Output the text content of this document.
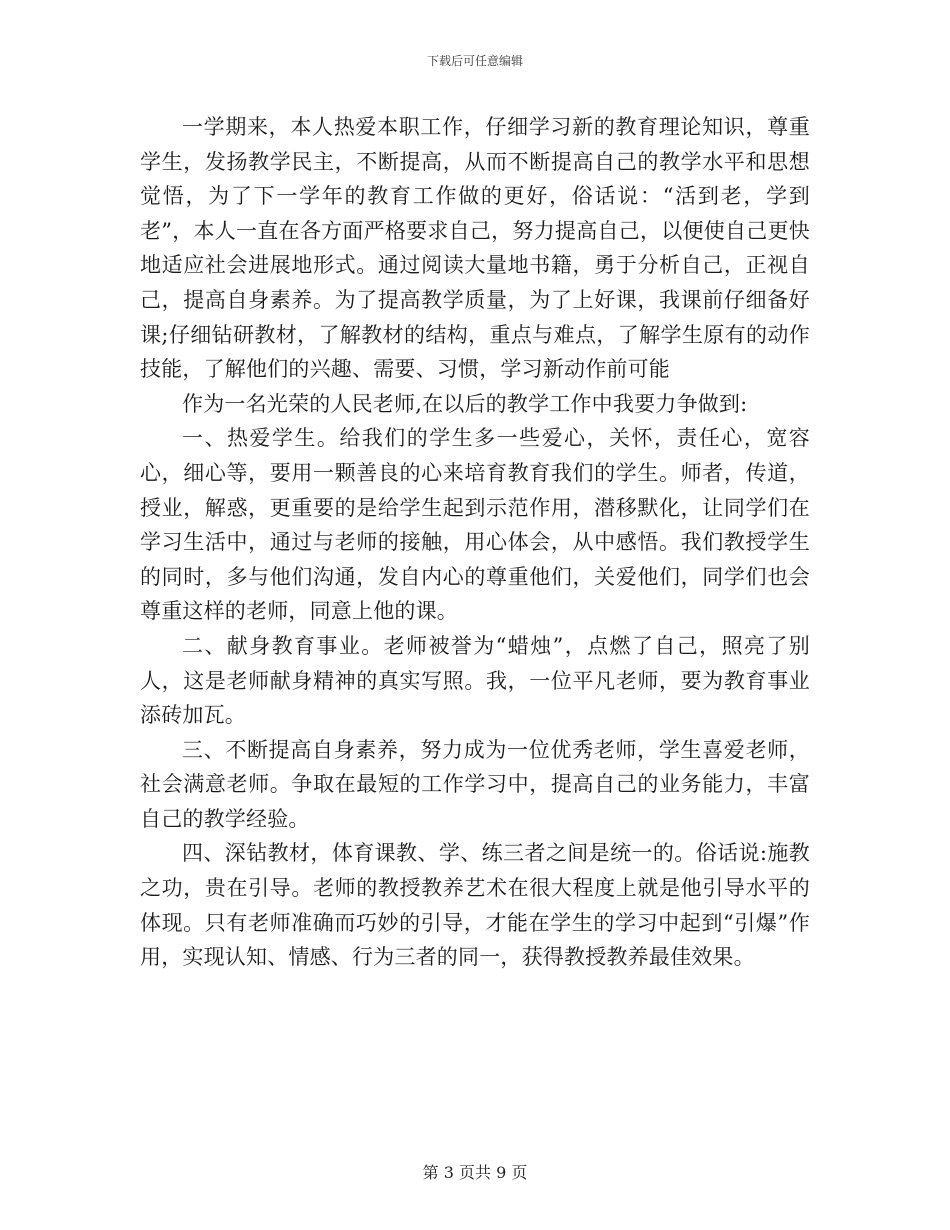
下载后可任意编辑

一学期来，本人热爱本职工作，仔细学习新的教育理论知识，尊重学生，发扬教学民主，不断提高，从而不断提高自己的教学水平和思想觉悟，为了下一学年的教育工作做的更好，俗话说：“活到老，学到老”，本人一直在各方面严格要求自己，努力提高自己，以便使自己更快地适应社会进展地形式。通过阅读大量地书籍，勇于分析自己，正视自己，提高自身素养。为了提高教学质量，为了上好课，我课前仔细备好课;仔细钻研教材，了解教材的结构，重点与难点，了解学生原有的动作技能，了解他们的兴趣、需要、习惯，学习新动作前可能

作为一名光荣的人民老师,在以后的教学工作中我要力争做到:

一、热爱学生。给我们的学生多一些爱心，关怀，责任心，宽容心，细心等，要用一颗善良的心来培育教育我们的学生。师者，传道，授业，解惑，更重要的是给学生起到示范作用，潜移默化，让同学们在学习生活中，通过与老师的接触，用心体会，从中感悟。我们教授学生的同时，多与他们沟通，发自内心的尊重他们，关爱他们，同学们也会尊重这样的老师，同意上他的课。

二、献身教育事业。老师被誉为“蜡烛”，点燃了自己，照亮了别人，这是老师献身精神的真实写照。我，一位平凡老师，要为教育事业添砖加瓦。

三、不断提高自身素养，努力成为一位优秀老师，学生喜爱老师，社会满意老师。争取在最短的工作学习中，提高自己的业务能力，丰富自己的教学经验。

四、深钻教材，体育课教、学、练三者之间是统一的。俗话说:施教之功，贵在引导。老师的教授教养艺术在很大程度上就是他引导水平的体现。只有老师准确而巧妙的引导，才能在学生的学习中起到“引爆”作用，实现认知、情感、行为三者的同一，获得教授教养最佳效果。

第 3 页共 9 页
